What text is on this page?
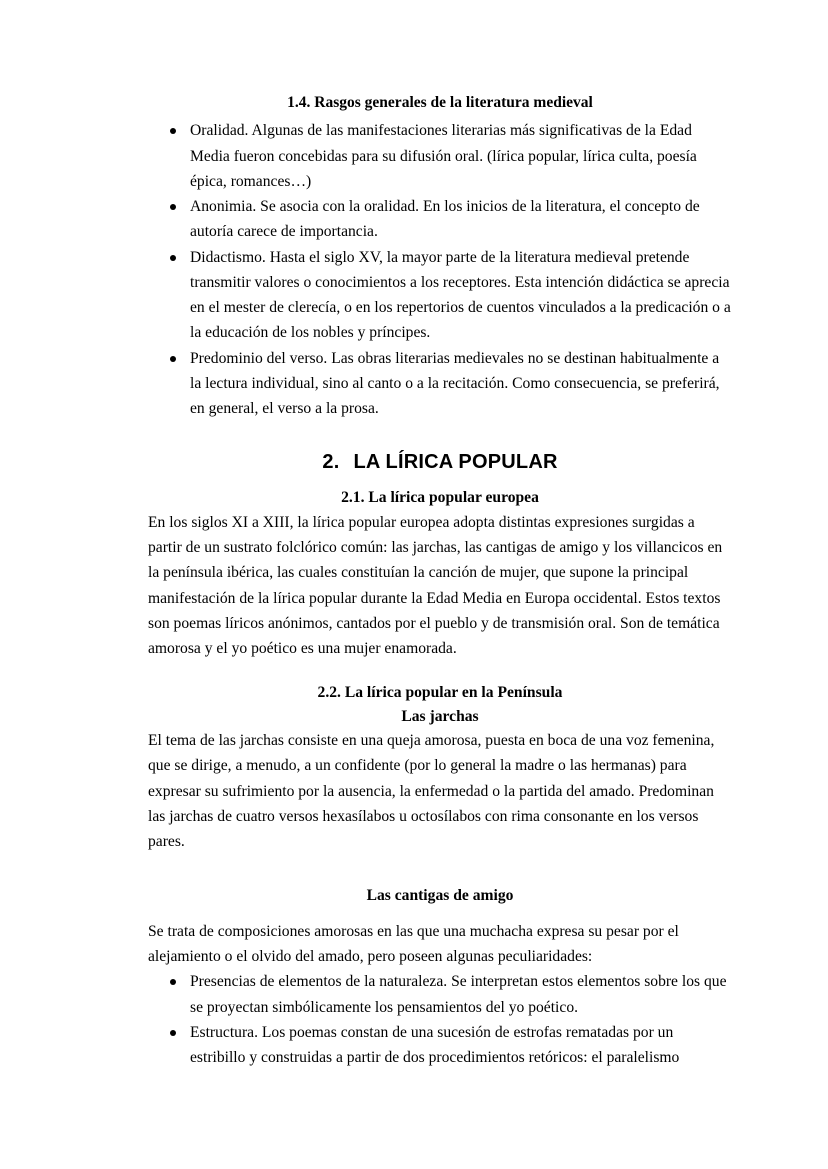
1.4. Rasgos generales de la literatura medieval
Oralidad. Algunas de las manifestaciones literarias más significativas de la Edad Media fueron concebidas para su difusión oral. (lírica popular, lírica culta, poesía épica, romances…)
Anonimia. Se asocia con la oralidad. En los inicios de la literatura, el concepto de autoría carece de importancia.
Didactismo. Hasta el siglo XV, la mayor parte de la literatura medieval pretende transmitir valores o conocimientos a los receptores. Esta intención didáctica se aprecia en el mester de clerecía, o en los repertorios de cuentos vinculados a la predicación o a la educación de los nobles y príncipes.
Predominio del verso. Las obras literarias medievales no se destinan habitualmente a la lectura individual, sino al canto o a la recitación. Como consecuencia, se preferirá, en general, el verso a la prosa.
2. LA LÍRICA POPULAR
2.1. La lírica popular europea

En los siglos XI a XIII, la lírica popular europea adopta distintas expresiones surgidas a partir de un sustrato folclórico común: las jarchas, las cantigas de amigo y los villancicos en la península ibérica, las cuales constituían la canción de mujer, que supone la principal manifestación de la lírica popular durante la Edad Media en Europa occidental. Estos textos son poemas líricos anónimos, cantados por el pueblo y de transmisión oral. Son de temática amorosa y el yo poético es una mujer enamorada.

2.2. La lírica popular en la Península
Las jarchas

El tema de las jarchas consiste en una queja amorosa, puesta en boca de una voz femenina, que se dirige, a menudo, a un confidente (por lo general la madre o las hermanas) para expresar su sufrimiento por la ausencia, la enfermedad o la partida del amado. Predominan las jarchas de cuatro versos hexasílabos u octosílabos con rima consonante en los versos pares.

Las cantigas de amigo

Se trata de composiciones amorosas en las que una muchacha expresa su pesar por el alejamiento o el olvido del amado, pero poseen algunas peculiaridades:

Presencias de elementos de la naturaleza. Se interpretan estos elementos sobre los que se proyectan simbólicamente los pensamientos del yo poético.
Estructura. Los poemas constan de una sucesión de estrofas rematadas por un estribillo y construidas a partir de dos procedimientos retóricos: el paralelismo
